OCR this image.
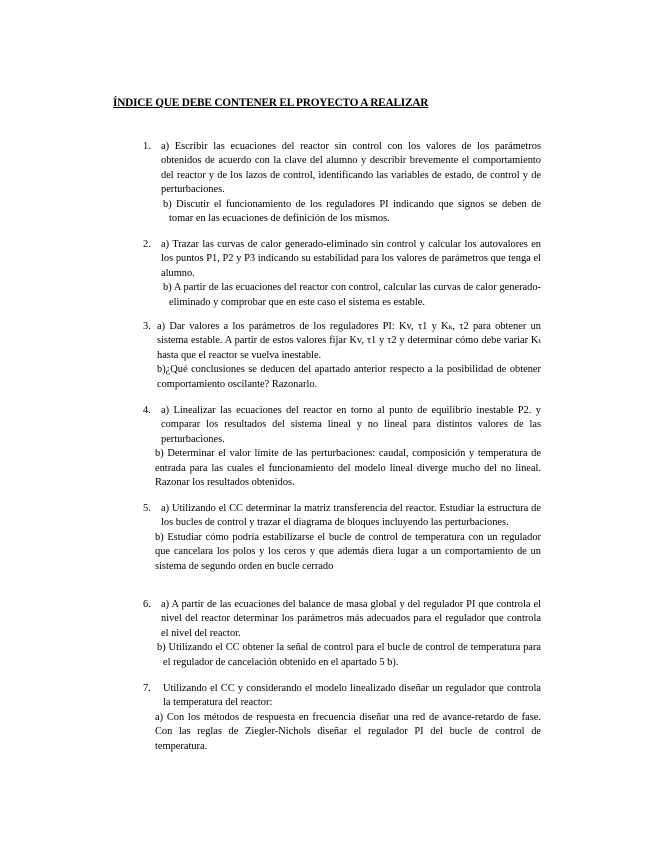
ÍNDICE QUE DEBE CONTENER EL PROYECTO A REALIZAR
1. a) Escribir las ecuaciones del reactor sin control con los valores de los parámetros obtenidos de acuerdo con la clave del alumno y describir brevemente el comportamiento del reactor y de los lazos de control, identificando las variables de estado, de control y de perturbaciones.

b) Discutir el funcionamiento de los reguladores PI indicando que signos se deben de tomar en las ecuaciones de definición de los mismos.

2. a) Trazar las curvas de calor generado-eliminado sin control y calcular los autovalores en los puntos P1, P2 y P3 indicando su estabilidad para los valores de parámetros que tenga el alumno.

b) A partir de las ecuaciones del reactor con control, calcular las curvas de calor generado-eliminado y comprobar que en este caso el sistema es estable.

3. a) Dar valores a los parámetros de los reguladores PI: Kv, τ1 y Kₖ, τ2 para obtener un sistema estable. A partir de estos valores fijar Kv, τ1 y τ2 y determinar cómo debe variar Kₜ hasta que el reactor se vuelva inestable.

b)¿Qué conclusiones se deducen del apartado anterior respecto a la posibilidad de obtener comportamiento oscilante? Razonarlo.

4. a) Linealizar las ecuaciones del reactor en torno al punto de equilibrio inestable P2. y comparar los resultados del sistema lineal y no lineal para distintos valores de las perturbaciones.

b) Determinar el valor límite de las perturbaciones: caudal, composición y temperatura de entrada para las cuales el funcionamiento del modelo lineal diverge mucho del no lineal. Razonar los resultados obtenidos.

5. a) Utilizando el CC determinar la matriz transferencia del reactor. Estudiar la estructura de los bucles de control y trazar el diagrama de bloques incluyendo las perturbaciones.

b) Estudiar cómo podría estabilizarse el bucle de control de temperatura con un regulador que cancelara los polos y los ceros y que además diera lugar a un comportamiento de un sistema de segundo orden en bucle cerrado

6. a) A partir de las ecuaciones del balance de masa global y del regulador PI que controla el nivel del reactor determinar los parámetros más adecuados para el regulador que controla el nivel del reactor.

b) Utilizando el CC obtener la señal de control para el bucle de control de temperatura para el regulador de cancelación obtenido en el apartado 5 b).

7.	Utilizando el CC y considerando el modelo linealizado diseñar un regulador que controla la temperatura del reactor:

a) Con los métodos de respuesta en frecuencia diseñar una red de avance-retardo de fase. Con las reglas de Ziegler-Nichols diseñar el regulador PI del bucle de control de temperatura.
